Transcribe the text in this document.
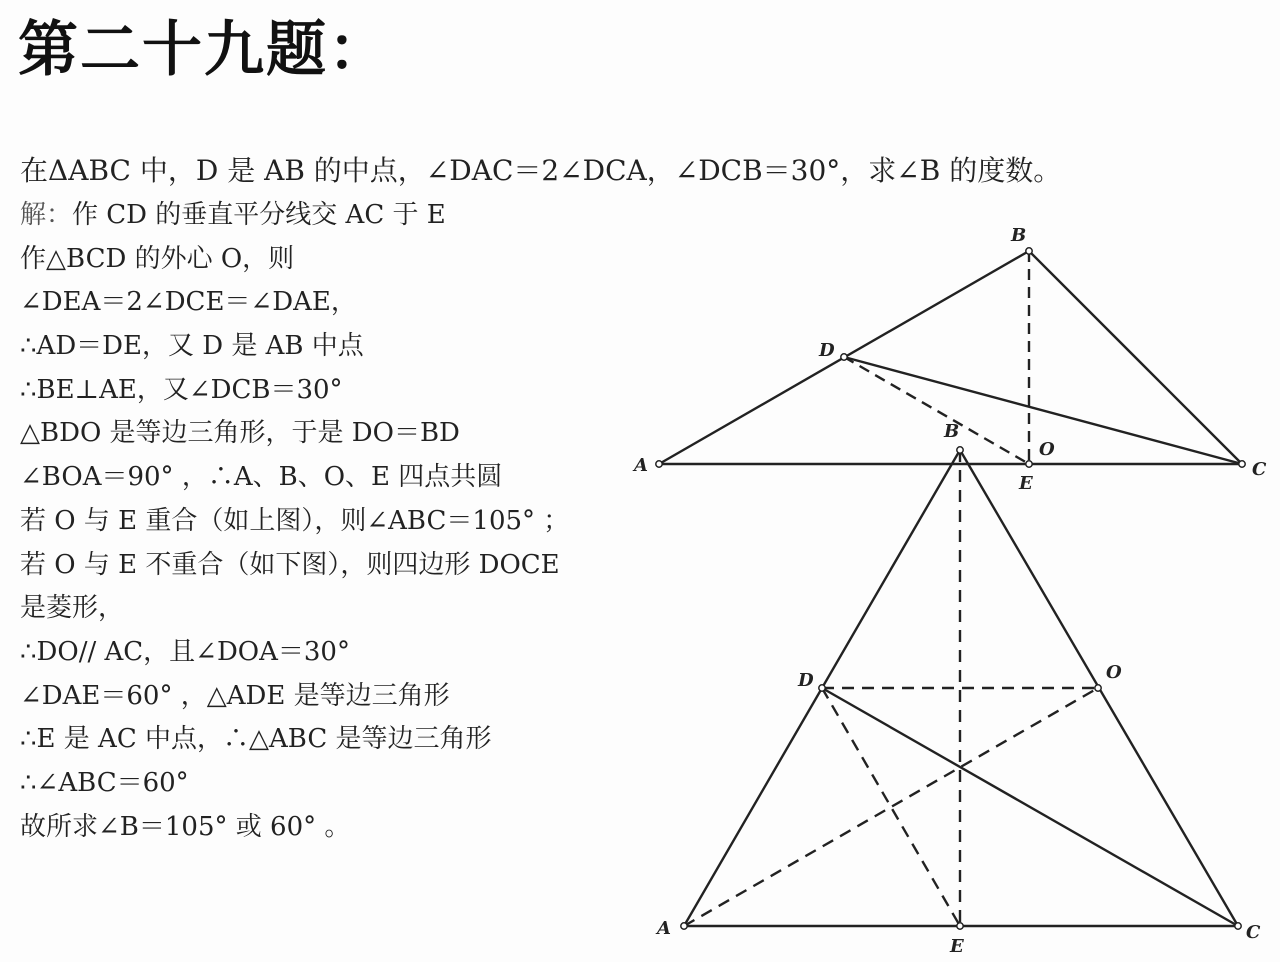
第二十九题：
在ΔABC 中，D 是 AB 的中点，∠DAC＝2∠DCA，∠DCB＝30°，求∠B 的度数。
解：作 CD 的垂直平分线交 AC 于 E
作△BCD 的外心 O，则
∠DEA＝2∠DCE＝∠DAE，
∴AD＝DE，又 D 是 AB 中点
∴BE⊥AE，又∠DCB＝30°
△BDO 是等边三角形，于是 DO＝BD
∠BOA＝90° ，∴A、B、O、E 四点共圆
若 O 与 E 重合（如上图），则∠ABC＝105° ；
若 O 与 E 不重合（如下图），则四边形 DOCE
是菱形，
∴DO// AC，且∠DOA＝30°
∠DAE＝60° ，△ADE 是等边三角形
∴E 是 AC 中点，∴△ABC 是等边三角形
∴∠ABC＝60°
故所求∠B＝105° 或 60° 。
A
B
C
D
O
E
A
B
C
D	O
E
